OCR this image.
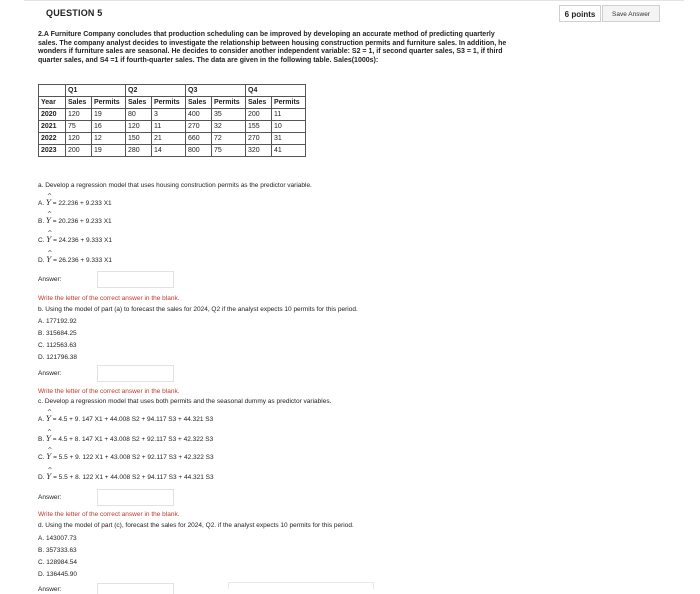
QUESTION 5	6 points	Save Answer

2.A Furniture Company concludes that production scheduling can be improved by developing an accurate method of predicting quarterly sales. The company analyst decides to investigate the relationship between housing construction permits and furniture sales. In addition, he wonders if furniture sales are seasonal. He decides to consider another independent variable: S2 = 1, if second quarter sales, S3 = 1, if third quarter sales, and S4 =1 if fourth-quarter sales. The data are given in the following table. Sales(1000s):

	Q1		Q2		Q3		Q4	
Year	Sales	Permits	Sales	Permits	Sales	Permits	Sales	Permits
2020	120	19	80	3	400	35	200	11
2021	75	16	120	11	270	32	155	10
2022	120	12	150	21	660	72	270	31
2023	200	19	280	14	800	75	320	41
a. Develop a regression model that uses housing construction permits as the predictor variable.
A. ^ Y = 22.236 + 9.233 X1
B. ^ Y = 20.236 + 9.233 X1
C. ^ Y = 24.236 + 9.333 X1
D. ^ Y = 26.236 + 9.333 X1
Answer:
Write the letter of the correct answer in the blank.
b. Using the model of part (a) to forecast the sales for 2024, Q2 if the analyst expects 10 permits for this period.
A. 177192.92
B. 315684.25
C. 112563.63
D. 121796.38
Answer:
Write the letter of the correct answer in the blank.
c. Develop a regression model that uses both permits and the seasonal dummy as predictor variables.
A. ^ Y = 4.5 + 9. 147 X1 + 44.008 S2 + 94.117 S3 + 44.321 S3
B. ^ Y = 4.5 + 8. 147 X1 + 43.008 S2 + 92.117 S3 + 42.322 S3
C. ^ Y = 5.5 + 9. 122 X1 + 43.008 S2 + 92.117 S3 + 42.322 S3
D. ^ Y = 5.5 + 8. 122 X1 + 44.008 S2 + 94.117 S3 + 44.321 S3
Answer:
Write the letter of the correct answer in the blank.
d. Using the model of part (c), forecast the sales for 2024, Q2. if the analyst expects 10 permits for this period.
A. 143007.73
B. 357333.63
C. 128984.54
D. 136445.90
Answer:
